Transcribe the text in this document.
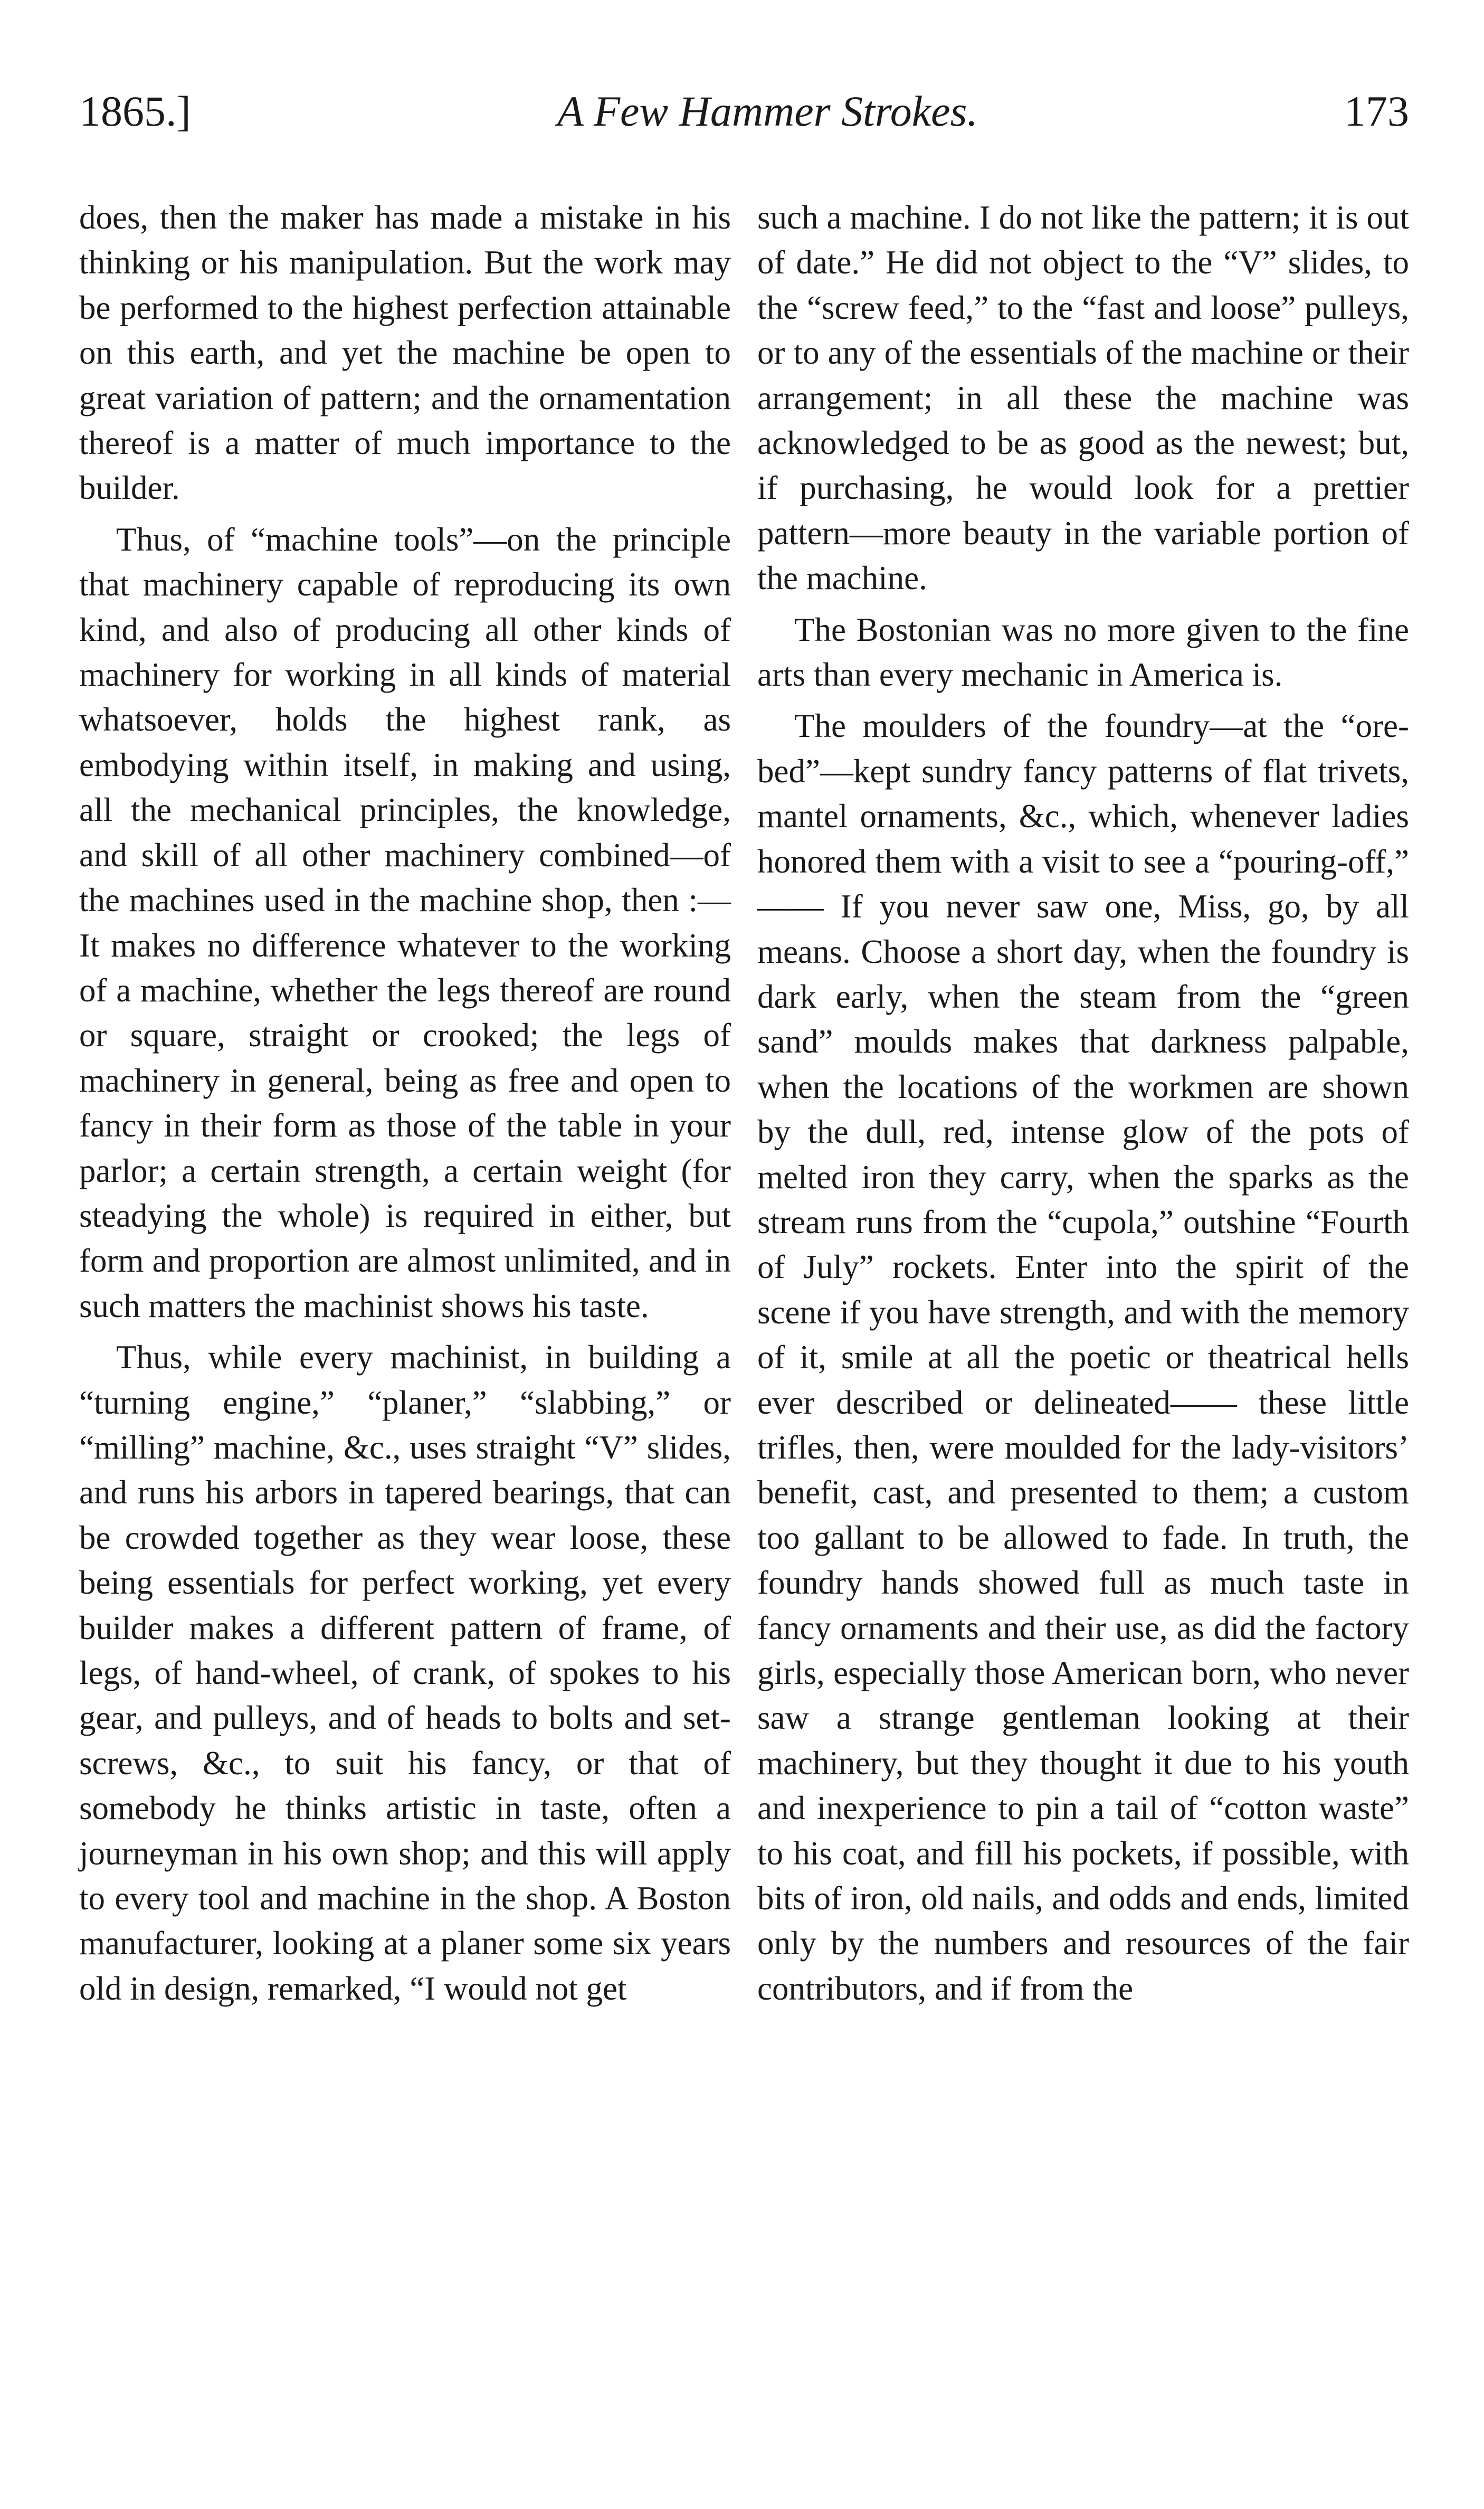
1865.]	A Few Hammer Strokes.	173

does, then the maker has made a mistake in his thinking or his manipulation. But the work may be performed to the highest perfection attainable on this earth, and yet the machine be open to great variation of pattern; and the ornamentation thereof is a matter of much importance to the builder.

Thus, of “machine tools”—on the principle that machinery capable of reproducing its own kind, and also of producing all other kinds of machinery for working in all kinds of material whatsoever, holds the highest rank, as embodying within itself, in making and using, all the mechanical principles, the knowledge, and skill of all other machinery combined—of the machines used in the machine shop, then :—It makes no difference whatever to the working of a machine, whether the legs thereof are round or square, straight or crooked; the legs of machinery in general, being as free and open to fancy in their form as those of the table in your parlor; a certain strength, a certain weight (for steadying the whole) is required in either, but form and proportion are almost unlimited, and in such matters the machinist shows his taste.

Thus, while every machinist, in building a “turning engine,” “planer,” “slabbing,” or “milling” machine, &c., uses straight “V” slides, and runs his arbors in tapered bearings, that can be crowded together as they wear loose, these being essentials for perfect working, yet every builder makes a different pattern of frame, of legs, of hand-wheel, of crank, of spokes to his gear, and pulleys, and of heads to bolts and set-screws, &c., to suit his fancy, or that of somebody he thinks artistic in taste, often a journeyman in his own shop; and this will apply to every tool and machine in the shop. A Boston manufacturer, looking at a planer some six years old in design, remarked, “I would not get

such a machine. I do not like the pattern; it is out of date.” He did not object to the “V” slides, to the “screw feed,” to the “fast and loose” pulleys, or to any of the essentials of the machine or their arrangement; in all these the machine was acknowledged to be as good as the newest; but, if purchasing, he would look for a prettier pattern—more beauty in the variable portion of the machine.

The Bostonian was no more given to the fine arts than every mechanic in America is.

The moulders of the foundry—at the “ore-bed”—kept sundry fancy patterns of flat trivets, mantel ornaments, &c., which, whenever ladies honored them with a visit to see a “pouring-off,” —— If you never saw one, Miss, go, by all means. Choose a short day, when the foundry is dark early, when the steam from the “green sand” moulds makes that darkness palpable, when the locations of the workmen are shown by the dull, red, intense glow of the pots of melted iron they carry, when the sparks as the stream runs from the “cupola,” outshine “Fourth of July” rockets. Enter into the spirit of the scene if you have strength, and with the memory of it, smile at all the poetic or theatrical hells ever described or delineated—— these little trifles, then, were moulded for the lady-visitors’ benefit, cast, and presented to them; a custom too gallant to be allowed to fade. In truth, the foundry hands showed full as much taste in fancy ornaments and their use, as did the factory girls, especially those American born, who never saw a strange gentleman looking at their machinery, but they thought it due to his youth and inexperience to pin a tail of “cotton waste” to his coat, and fill his pockets, if possible, with bits of iron, old nails, and odds and ends, limited only by the numbers and resources of the fair contributors, and if from the
